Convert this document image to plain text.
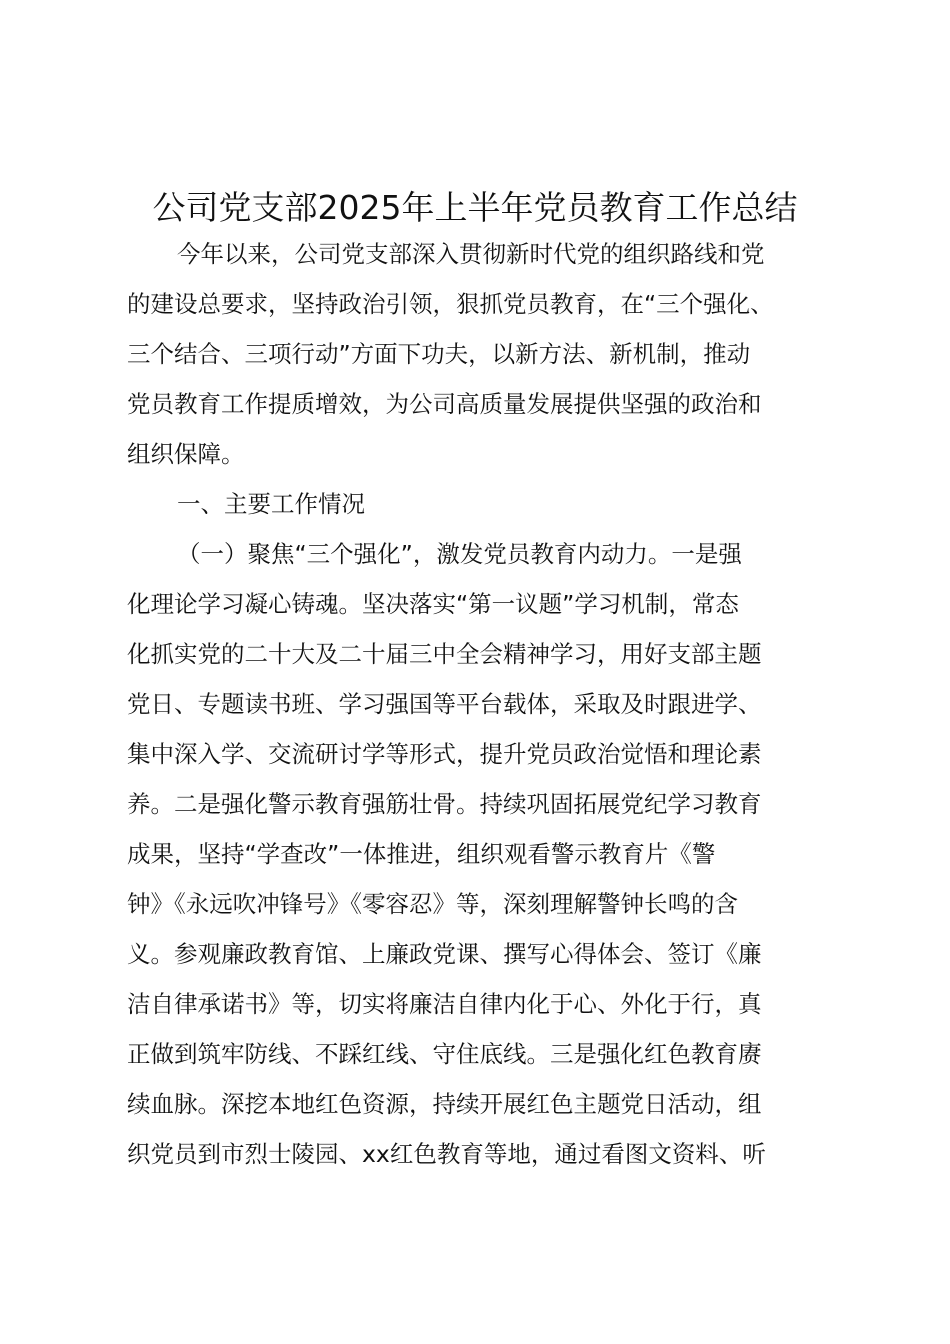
公司党支部2025年上半年党员教育工作总结
今年以来，公司党支部深入贯彻新时代党的组织路线和党
的建设总要求，坚持政治引领，狠抓党员教育，在“三个强化、
三个结合、三项行动”方面下功夫，以新方法、新机制，推动
党员教育工作提质增效，为公司高质量发展提供坚强的政治和
组织保障。
一、主要工作情况
（一）聚焦“三个强化”，激发党员教育内动力。一是强
化理论学习凝心铸魂。坚决落实“第一议题”学习机制，常态
化抓实党的二十大及二十届三中全会精神学习，用好支部主题
党日、专题读书班、学习强国等平台载体，采取及时跟进学、
集中深入学、交流研讨学等形式，提升党员政治觉悟和理论素
养。二是强化警示教育强筋壮骨。持续巩固拓展党纪学习教育
成果，坚持“学查改”一体推进，组织观看警示教育片《警
钟》《永远吹冲锋号》《零容忍》等，深刻理解警钟长鸣的含
义。参观廉政教育馆、上廉政党课、撰写心得体会、签订《廉
洁自律承诺书》等，切实将廉洁自律内化于心、外化于行，真
正做到筑牢防线、不踩红线、守住底线。三是强化红色教育赓
续血脉。深挖本地红色资源，持续开展红色主题党日活动，组
织党员到市烈士陵园、xx红色教育等地，通过看图文资料、听
